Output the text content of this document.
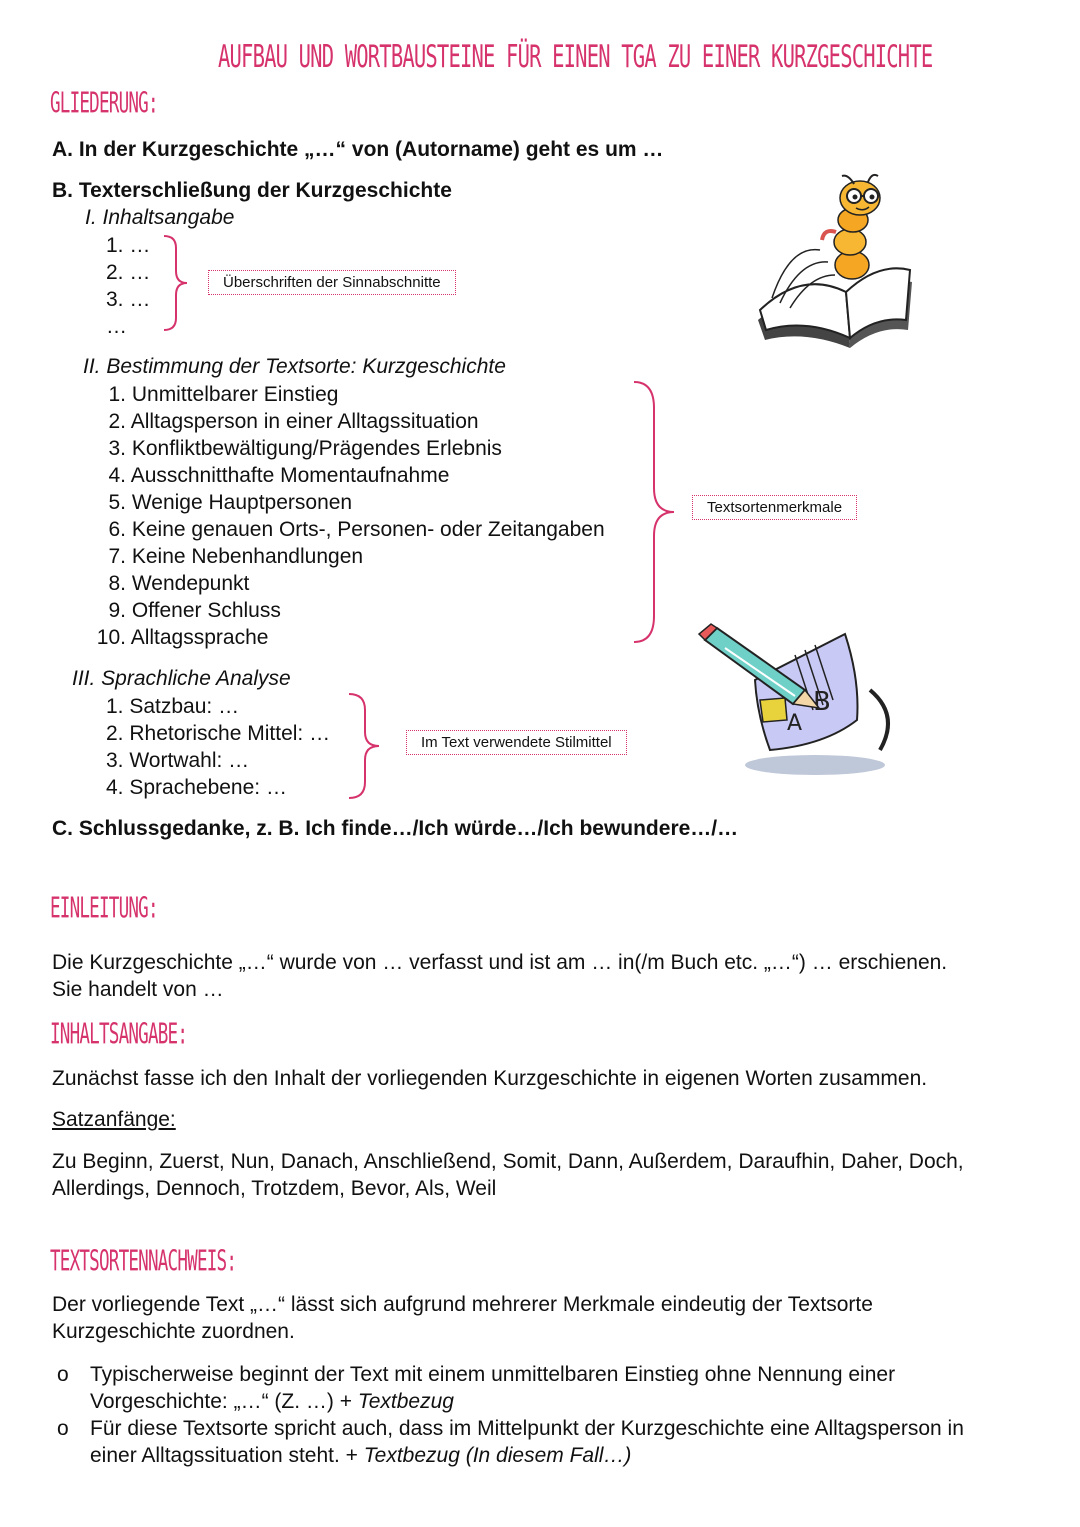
AUFBAU UND WORTBAUSTEINE FÜR EINEN TGA ZU EINER KURZGESCHICHTE
GLIEDERUNG:
A. In der Kurzgeschichte „…“ von (Autorname) geht es um …
B. Texterschließung der Kurzgeschichte
I. Inhaltsangabe
1. …
2. …
3. …
…
Überschriften der Sinnabschnitte
II. Bestimmung der Textsorte: Kurzgeschichte
1. Unmittelbarer Einstieg
2. Alltagsperson in einer Alltagssituation
3. Konfliktbewältigung/Prägendes Erlebnis
4. Ausschnitthafte Momentaufnahme
5. Wenige Hauptpersonen
6. Keine genauen Orts-, Personen- oder Zeitangaben
7. Keine Nebenhandlungen
8. Wendepunkt
9. Offener Schluss
10. Alltagssprache
Textsortenmerkmale
III. Sprachliche Analyse
1. Satzbau: …
2. Rhetorische Mittel: …
3. Wortwahl: …
4. Sprachebene: …
Im Text verwendete Stilmittel
C. Schlussgedanke, z. B. Ich finde…/Ich würde…/Ich bewundere…/…
B
A
EINLEITUNG:
Die Kurzgeschichte „…“ wurde von … verfasst und ist am … in(/m Buch etc. „…“) … erschienen.
Sie handelt von …
INHALTSANGABE:
Zunächst fasse ich den Inhalt der vorliegenden Kurzgeschichte in eigenen Worten zusammen.
Satzanfänge:
Zu Beginn, Zuerst, Nun, Danach, Anschließend, Somit, Dann, Außerdem, Daraufhin, Daher, Doch,
Allerdings, Dennoch, Trotzdem, Bevor, Als, Weil
TEXTSORTENNACHWEIS:
Der vorliegende Text „…“ lässt sich aufgrund mehrerer Merkmale eindeutig der Textsorte
Kurzgeschichte zuordnen.
o Typischerweise beginnt der Text mit einem unmittelbaren Einstieg ohne Nennung einer
Vorgeschichte: „…“ (Z. …) + Textbezug
o Für diese Textsorte spricht auch, dass im Mittelpunkt der Kurzgeschichte eine Alltagsperson in
einer Alltagssituation steht. + Textbezug (In diesem Fall…)
